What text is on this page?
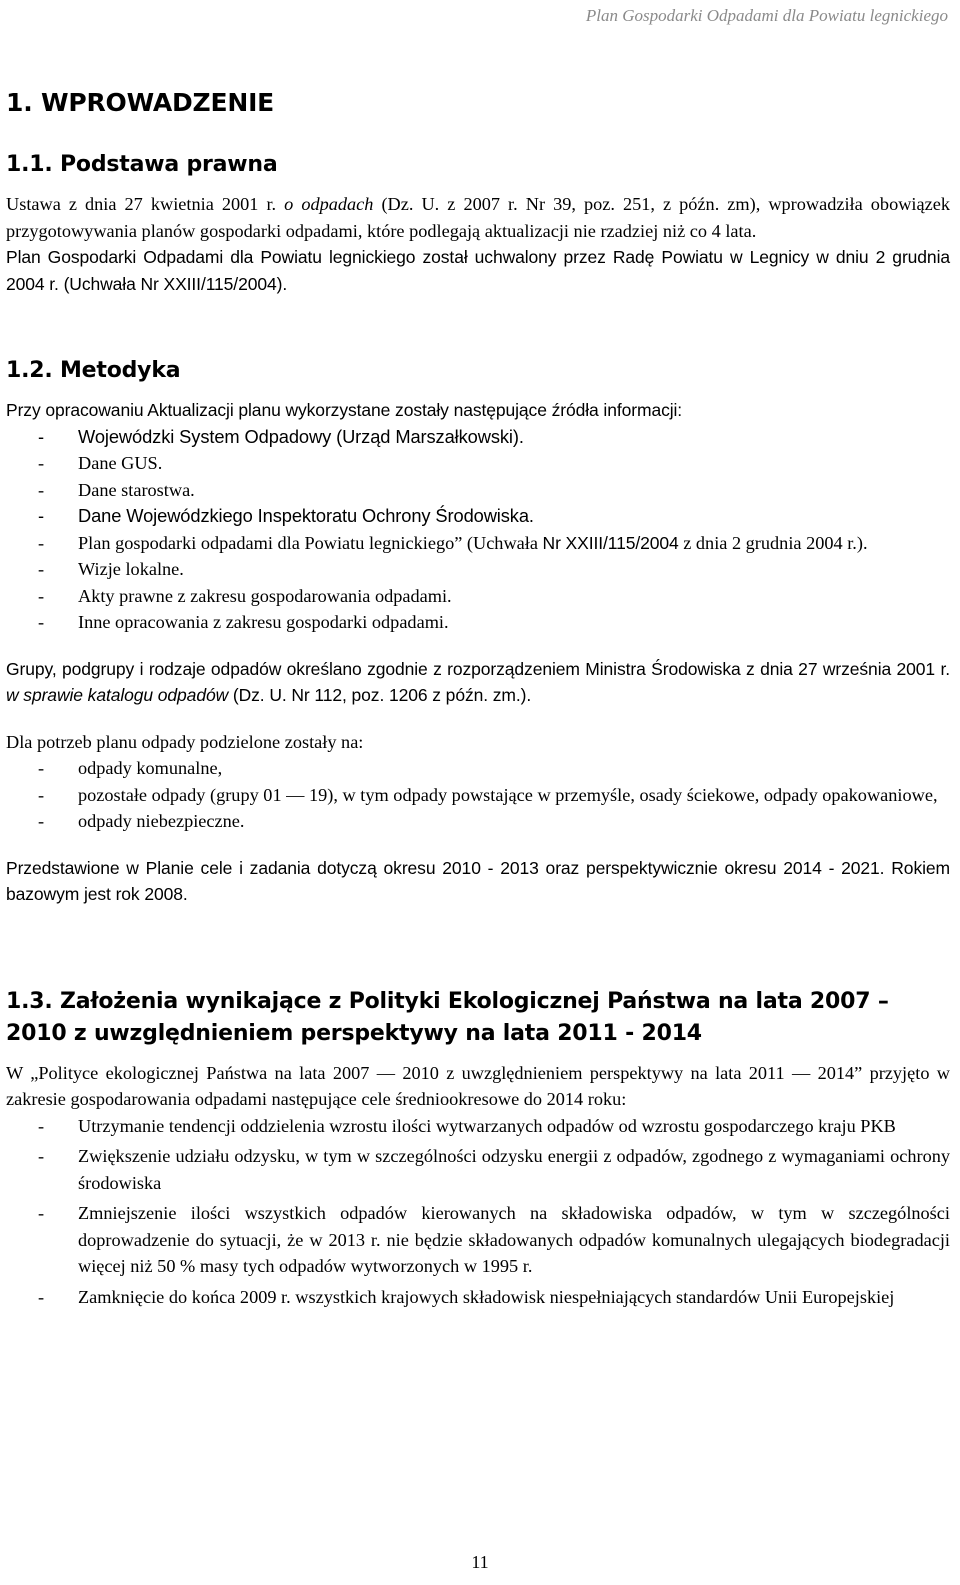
Plan Gospodarki Odpadami dla Powiatu legnickiego
1. WPROWADZENIE
1.1. Podstawa prawna

Ustawa z dnia 27 kwietnia 2001 r. o odpadach (Dz. U. z 2007 r. Nr 39, poz. 251, z późn. zm), wprowadziła obowiązek przygotowywania planów gospodarki odpadami, które podlegają aktualizacji nie rzadziej niż co 4 lata.

Plan Gospodarki Odpadami dla Powiatu legnickiego został uchwalony przez Radę Powiatu w Legnicy w dniu 2 grudnia 2004 r. (Uchwała Nr XXIII/115/2004).

1.2. Metodyka

Przy opracowaniu Aktualizacji planu wykorzystane zostały następujące źródła informacji:

- Wojewódzki System Odpadowy (Urząd Marszałkowski).
- Dane GUS.
- Dane starostwa.
- Dane Wojewódzkiego Inspektoratu Ochrony Środowiska.
- Plan gospodarki odpadami dla Powiatu legnickiego” (Uchwała Nr XXIII/115/2004 z dnia 2 grudnia 2004 r.).
- Wizje lokalne.
- Akty prawne z zakresu gospodarowania odpadami.
- Inne opracowania z zakresu gospodarki odpadami.

Grupy, podgrupy i rodzaje odpadów określano zgodnie z rozporządzeniem Ministra Środowiska z dnia 27 września 2001 r. w sprawie katalogu odpadów (Dz. U. Nr 112, poz. 1206 z późn. zm.).

Dla potrzeb planu odpady podzielone zostały na:

- odpady komunalne,
- pozostałe odpady (grupy 01 — 19), w tym odpady powstające w przemyśle, osady ściekowe, odpady opakowaniowe,
- odpady niebezpieczne.

Przedstawione w Planie cele i zadania dotyczą okresu 2010 - 2013 oraz perspektywicznie okresu 2014 - 2021. Rokiem bazowym jest rok 2008.

1.3. Założenia wynikające z Polityki Ekologicznej Państwa na lata 2007 – 2010 z uwzględnieniem perspektywy na lata 2011 - 2014

W „Polityce ekologicznej Państwa na lata 2007 — 2010 z uwzględnieniem perspektywy na lata 2011 — 2014” przyjęto w zakresie gospodarowania odpadami następujące cele średniookresowe do 2014 roku:

- Utrzymanie tendencji oddzielenia wzrostu ilości wytwarzanych odpadów od wzrostu gospodarczego kraju PKB
- Zwiększenie udziału odzysku, w tym w szczególności odzysku energii z odpadów, zgodnego z wymaganiami ochrony środowiska
- Zmniejszenie ilości wszystkich odpadów kierowanych na składowiska odpadów, w tym w szczególności doprowadzenie do sytuacji, że w 2013 r. nie będzie składowanych odpadów komunalnych ulegających biodegradacji więcej niż 50 % masy tych odpadów wytworzonych w 1995 r.
- Zamknięcie do końca 2009 r. wszystkich krajowych składowisk niespełniających standardów Unii Europejskiej
11
